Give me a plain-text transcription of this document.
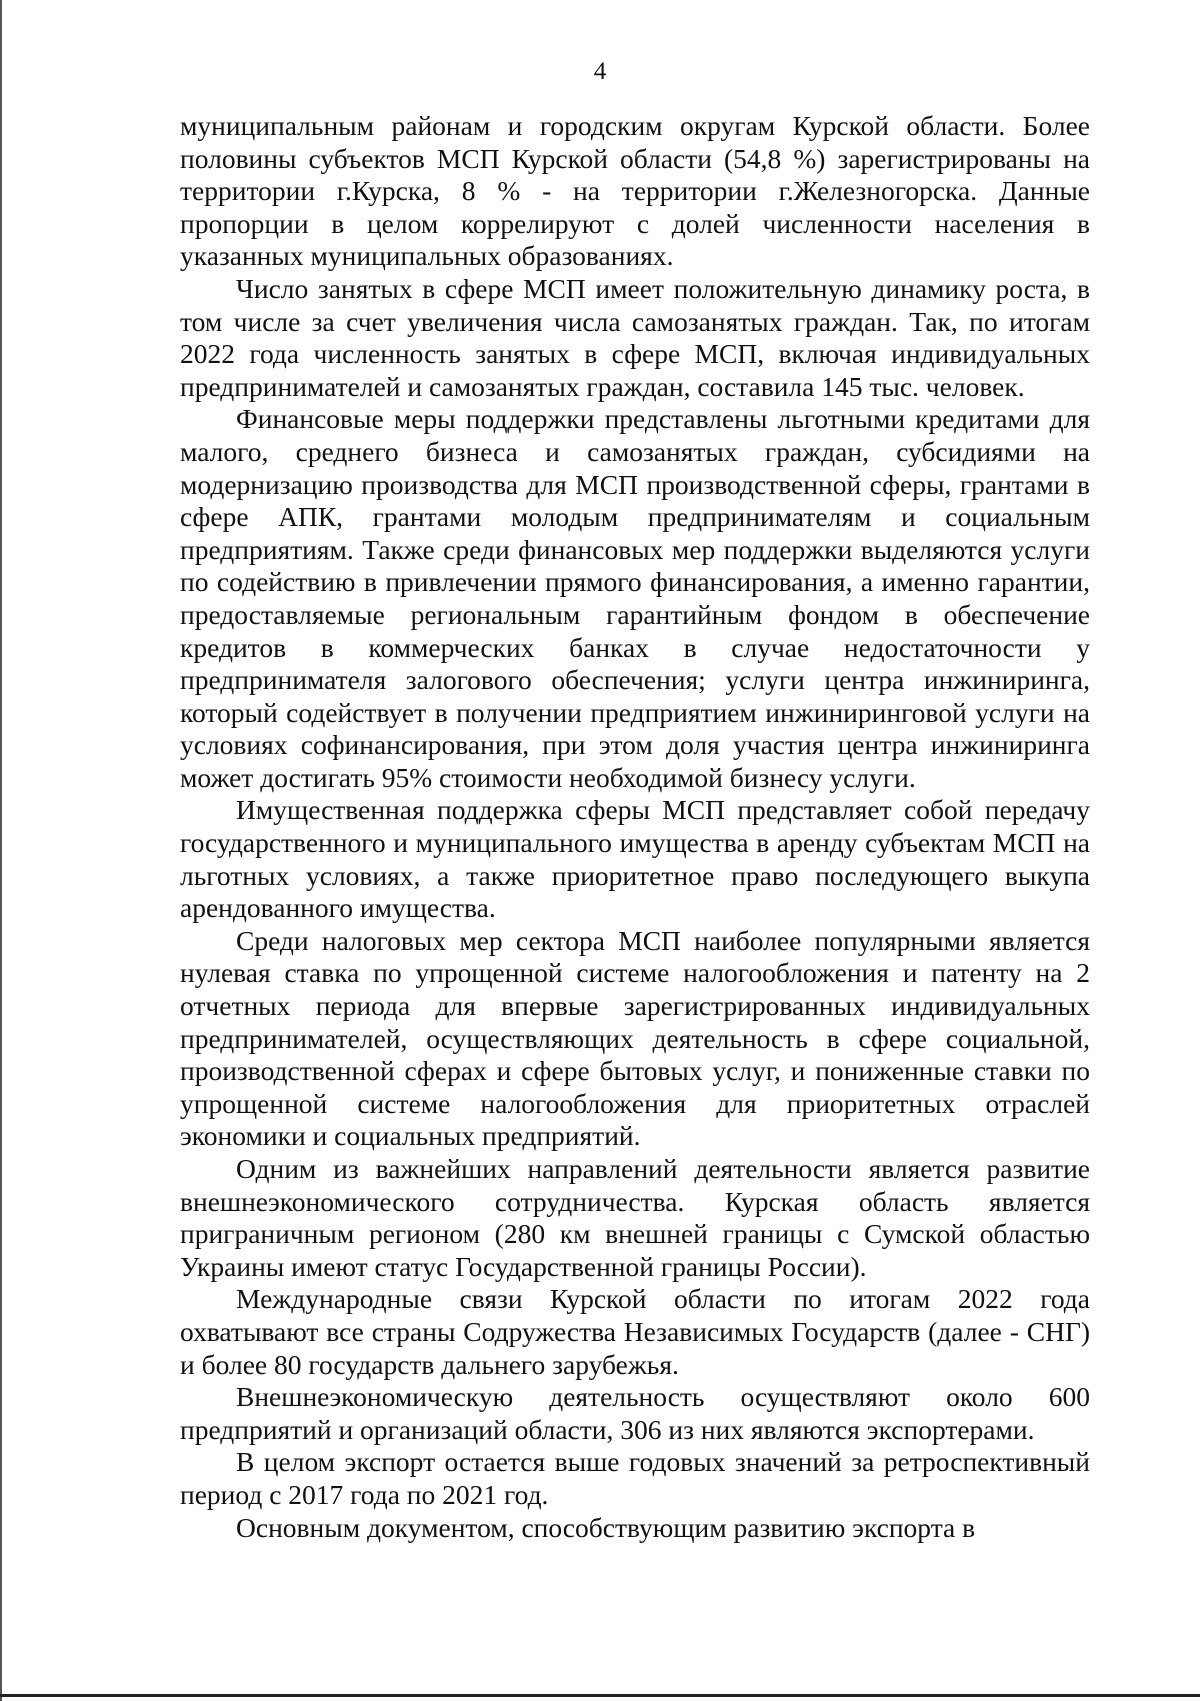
4

муниципальным районам и городским округам Курской области. Более половины субъектов МСП Курской области (54,8 %) зарегистрированы на территории г.Курска, 8 % - на территории г.Железногорска. Данные пропорции в целом коррелируют с долей численности населения в указанных муниципальных образованиях.

Число занятых в сфере МСП имеет положительную динамику роста, в том числе за счет увеличения числа самозанятых граждан. Так, по итогам 2022 года численность занятых в сфере МСП, включая индивидуальных предпринимателей и самозанятых граждан, составила 145 тыс. человек.

Финансовые меры поддержки представлены льготными кредитами для малого, среднего бизнеса и самозанятых граждан, субсидиями на модернизацию производства для МСП производственной сферы, грантами в сфере АПК, грантами молодым предпринимателям и социальным предприятиям. Также среди финансовых мер поддержки выделяются услуги по содействию в привлечении прямого финансирования, а именно гарантии, предоставляемые региональным гарантийным фондом в обеспечение кредитов в коммерческих банках в случае недостаточности у предпринимателя залогового обеспечения; услуги центра инжиниринга, который содействует в получении предприятием инжиниринговой услуги на условиях софинансирования, при этом доля участия центра инжиниринга может достигать 95% стоимости необходимой бизнесу услуги.

Имущественная поддержка сферы МСП представляет собой передачу государственного и муниципального имущества в аренду субъектам МСП на льготных условиях, а также приоритетное право последующего выкупа арендованного имущества.

Среди налоговых мер сектора МСП наиболее популярными является нулевая ставка по упрощенной системе налогообложения и патенту на 2 отчетных периода для впервые зарегистрированных индивидуальных предпринимателей, осуществляющих деятельность в сфере социальной, производственной сферах и сфере бытовых услуг, и пониженные ставки по упрощенной системе налогообложения для приоритетных отраслей экономики и социальных предприятий.

Одним из важнейших направлений деятельности является развитие внешнеэкономического сотрудничества. Курская область является приграничным регионом (280 км внешней границы с Сумской областью Украины имеют статус Государственной границы России).

Международные связи Курской области по итогам 2022 года охватывают все страны Содружества Независимых Государств (далее - СНГ) и более 80 государств дальнего зарубежья.

Внешнеэкономическую деятельность осуществляют около 600 предприятий и организаций области, 306 из них являются экспортерами.

В целом экспорт остается выше годовых значений за ретроспективный период с 2017 года по 2021 год.

Основным документом, способствующим развитию экспорта в
